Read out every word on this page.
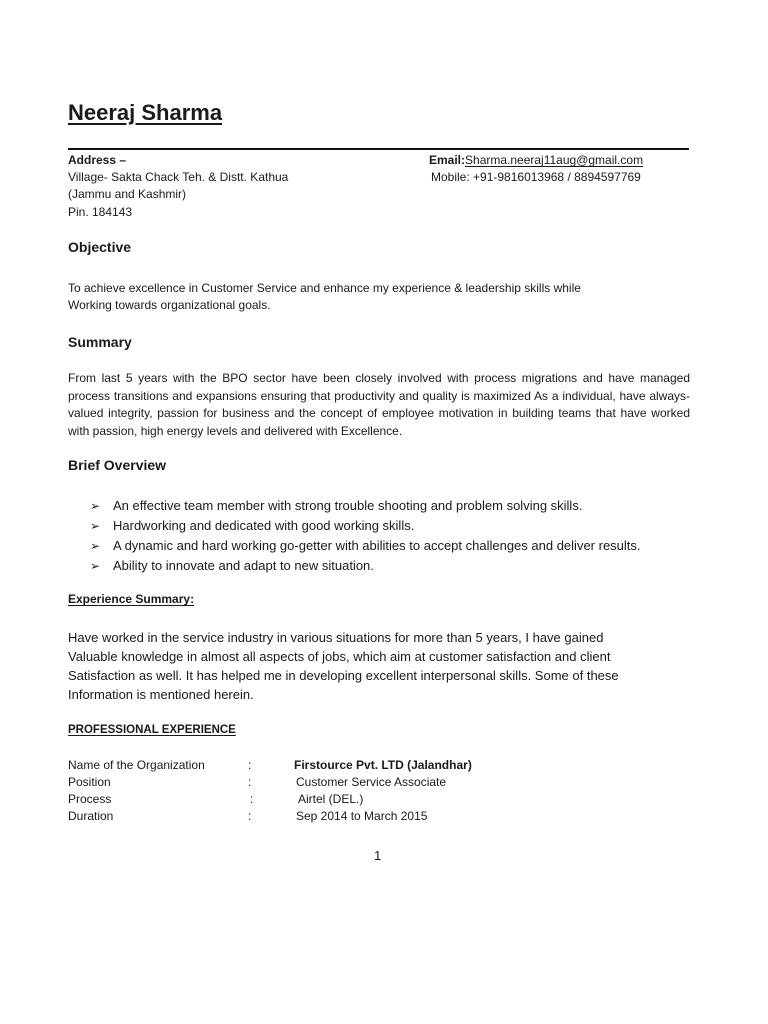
Neeraj Sharma
Address –
Village- Sakta Chack Teh. & Distt. Kathua
(Jammu and Kashmir)
Pin. 184143
Email:Sharma.neeraj11aug@gmail.com
Mobile: +91-9816013968 / 8894597769
Objective
To achieve excellence in Customer Service and enhance my experience & leadership skills while
Working towards organizational goals.
Summary
From last 5 years with the BPO sector have been closely involved with process migrations and have managed process transitions and expansions ensuring that productivity and quality is maximized As a individual, have always-valued integrity, passion for business and the concept of employee motivation in building teams that have worked with passion, high energy levels and delivered with Excellence.
Brief Overview
➢ An effective team member with strong trouble shooting and problem solving skills.
➢ Hardworking and dedicated with good working skills.
➢ A dynamic and hard working go-getter with abilities to accept challenges and deliver results.
➢ Ability to innovate and adapt to new situation.
Experience Summary:
Have worked in the service industry in various situations for more than 5 years, I have gained
Valuable knowledge in almost all aspects of jobs, which aim at customer satisfaction and client
Satisfaction as well. It has helped me in developing excellent interpersonal skills. Some of these
Information is mentioned herein.
PROFESSIONAL EXPERIENCE
Name of the Organization	:	Firstource Pvt. LTD (Jalandhar)
Position	:	Customer Service Associate
Process	:	Airtel (DEL.)
Duration	:	Sep 2014 to March 2015
1
